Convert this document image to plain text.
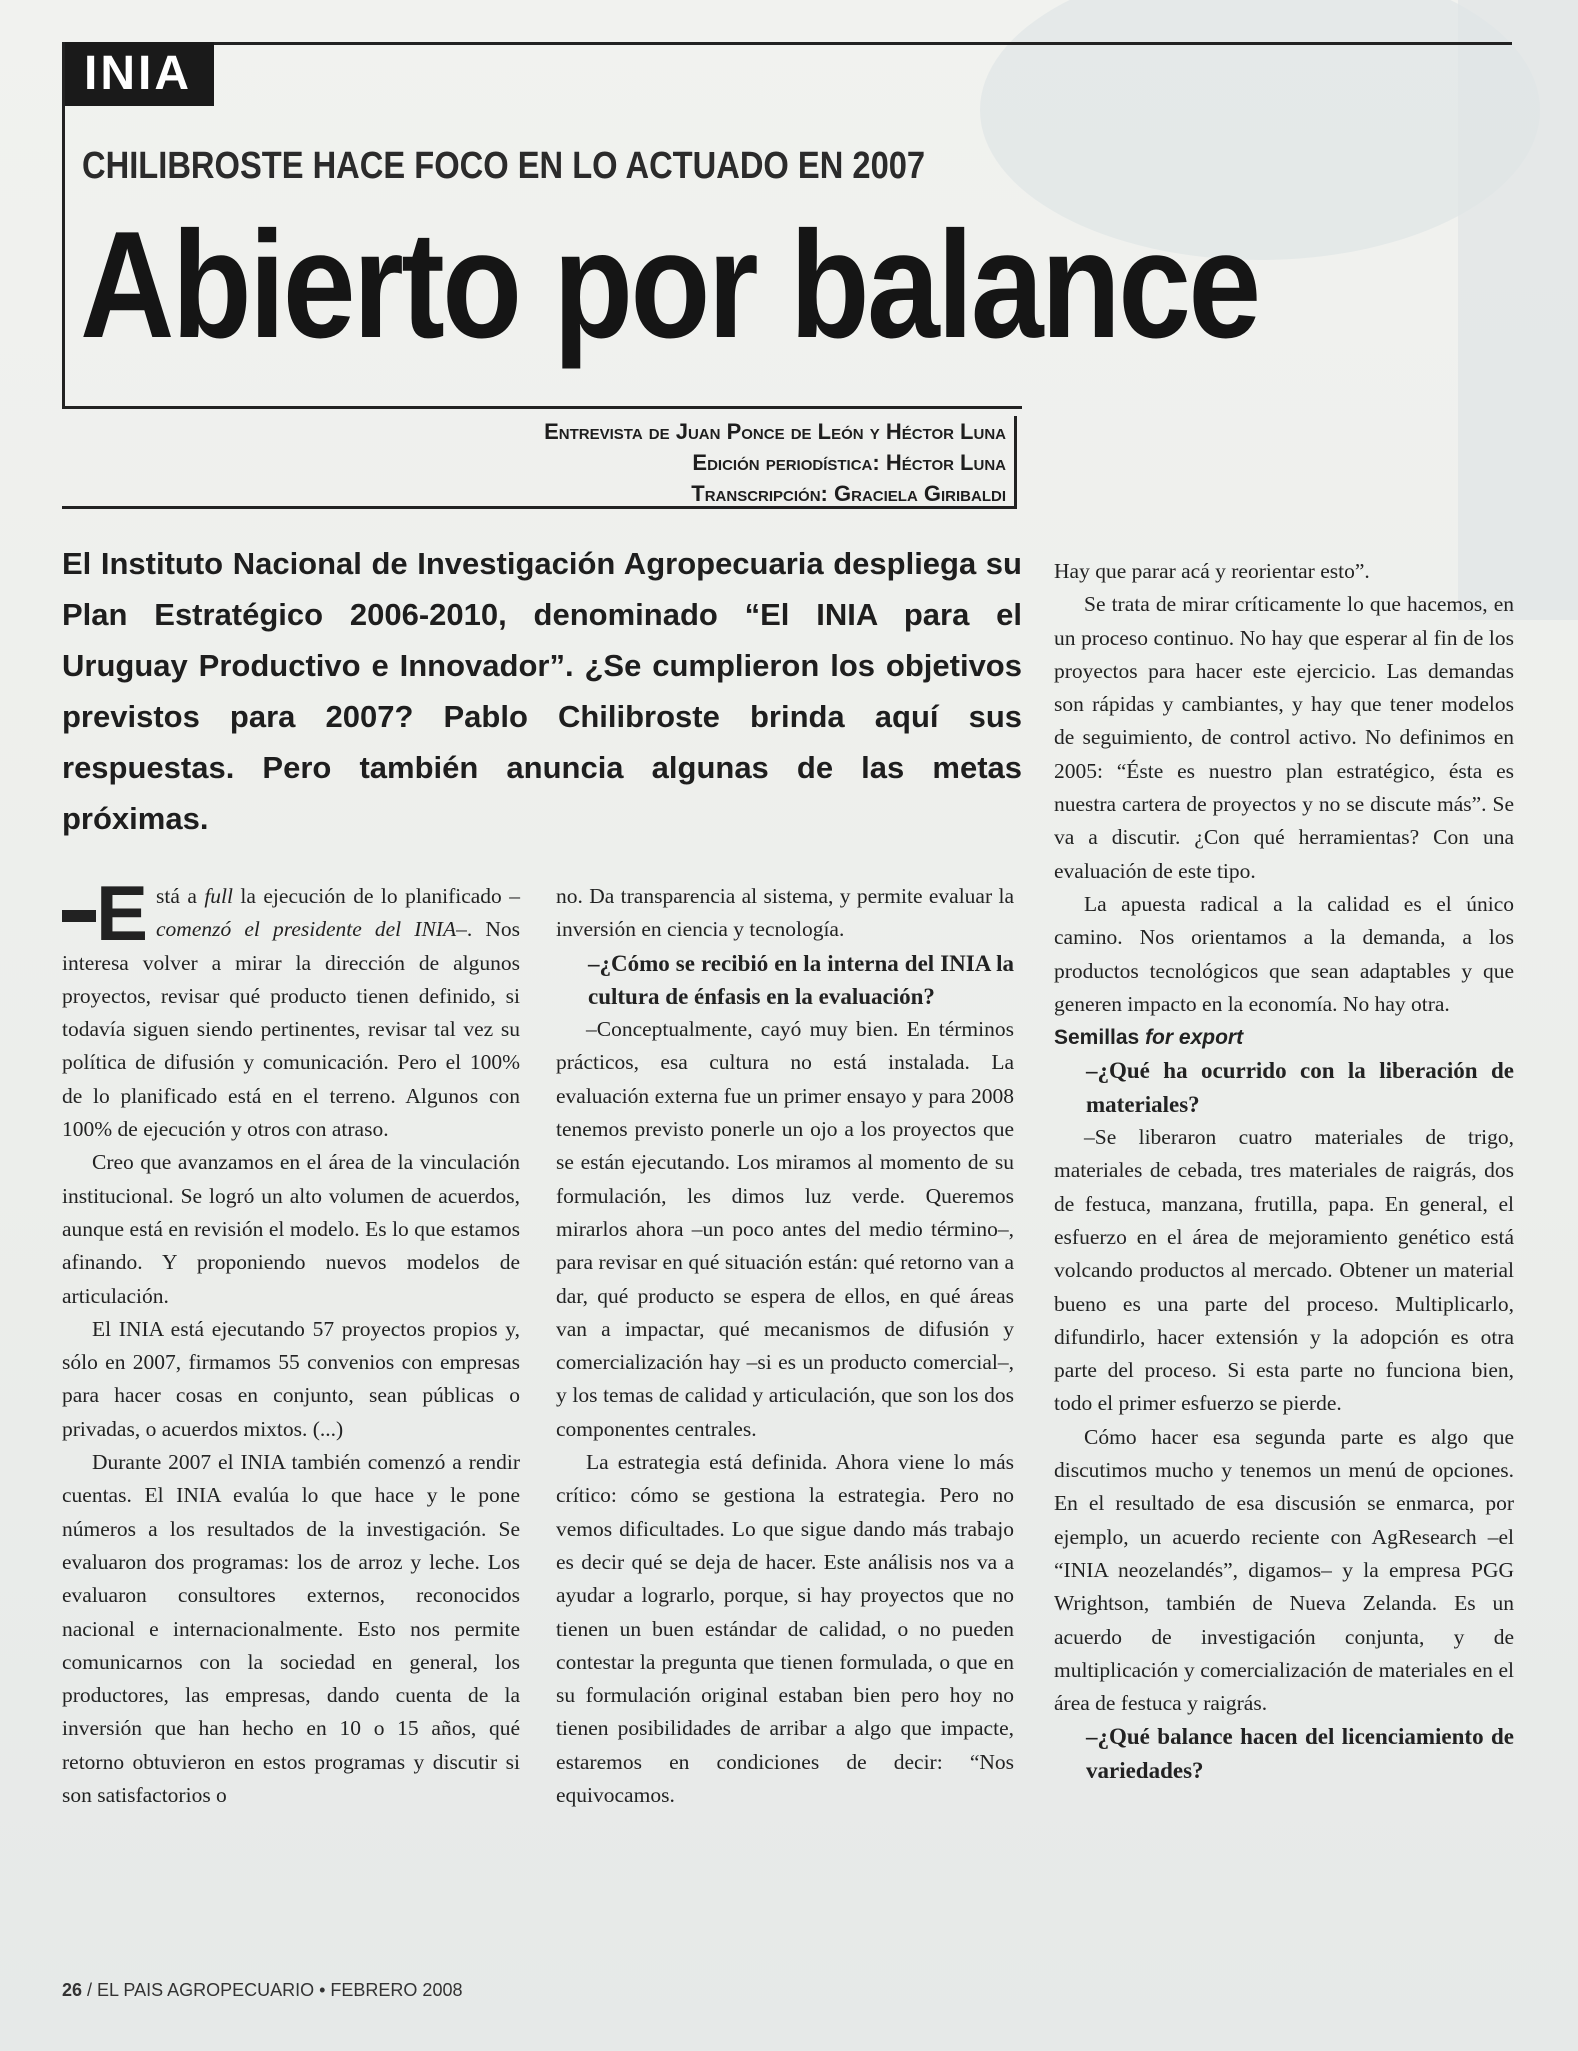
INIA
CHILIBROSTE HACE FOCO EN LO ACTUADO EN 2007
Abierto por balance
Entrevista de Juan Ponce de León y Héctor Luna
Edición periodística: Héctor Luna
Transcripción: Graciela Giribaldi
El Instituto Nacional de Investigación Agropecuaria despliega su Plan Estratégico 2006-2010, denominado “El INIA para el Uruguay Productivo e Innovador”. ¿Se cumplieron los objetivos previstos para 2007? Pablo Chilibroste brinda aquí sus respuestas. Pero también anuncia algunas de las metas próximas.

E stá a full la ejecución de lo planificado –comenzó el presidente del INIA–. Nos interesa volver a mirar la dirección de algunos proyectos, revisar qué producto tienen definido, si todavía siguen siendo pertinentes, revisar tal vez su política de difusión y comunicación. Pero el 100% de lo planificado está en el terreno. Algunos con 100% de ejecución y otros con atraso.

Creo que avanzamos en el área de la vinculación institucional. Se logró un alto volumen de acuerdos, aunque está en revisión el modelo. Es lo que estamos afinando. Y proponiendo nuevos modelos de articulación.

El INIA está ejecutando 57 proyectos propios y, sólo en 2007, firmamos 55 convenios con empresas para hacer cosas en conjunto, sean públicas o privadas, o acuerdos mixtos. (...)

Durante 2007 el INIA también comenzó a rendir cuentas. El INIA evalúa lo que hace y le pone números a los resultados de la investigación. Se evaluaron dos programas: los de arroz y leche. Los evaluaron consultores externos, reconocidos nacional e internacionalmente. Esto nos permite comunicarnos con la sociedad en general, los productores, las empresas, dando cuenta de la inversión que han hecho en 10 o 15 años, qué retorno obtuvieron en estos programas y discutir si son satisfactorios o

no. Da transparencia al sistema, y permite evaluar la inversión en ciencia y tecnología.

–¿Cómo se recibió en la interna del INIA la cultura de énfasis en la evaluación?

–Conceptualmente, cayó muy bien. En términos prácticos, esa cultura no está instalada. La evaluación externa fue un primer ensayo y para 2008 tenemos previsto ponerle un ojo a los proyectos que se están ejecutando. Los miramos al momento de su formulación, les dimos luz verde. Queremos mirarlos ahora –un poco antes del medio término–, para revisar en qué situación están: qué retorno van a dar, qué producto se espera de ellos, en qué áreas van a impactar, qué mecanismos de difusión y comercialización hay –si es un producto comercial–, y los temas de calidad y articulación, que son los dos componentes centrales.

La estrategia está definida. Ahora viene lo más crítico: cómo se gestiona la estrategia. Pero no vemos dificultades. Lo que sigue dando más trabajo es decir qué se deja de hacer. Este análisis nos va a ayudar a lograrlo, porque, si hay proyectos que no tienen un buen estándar de calidad, o no pueden contestar la pregunta que tienen formulada, o que en su formulación original estaban bien pero hoy no tienen posibilidades de arribar a algo que impacte, estaremos en condiciones de decir: “Nos equivocamos.

Hay que parar acá y reorientar esto”.

Se trata de mirar críticamente lo que hacemos, en un proceso continuo. No hay que esperar al fin de los proyectos para hacer este ejercicio. Las demandas son rápidas y cambiantes, y hay que tener modelos de seguimiento, de control activo. No definimos en 2005: “Éste es nuestro plan estratégico, ésta es nuestra cartera de proyectos y no se discute más”. Se va a discutir. ¿Con qué herramientas? Con una evaluación de este tipo.

La apuesta radical a la calidad es el único camino. Nos orientamos a la demanda, a los productos tecnológicos que sean adaptables y que generen impacto en la economía. No hay otra.

Semillas for export

–¿Qué ha ocurrido con la liberación de materiales?

–Se liberaron cuatro materiales de trigo, materiales de cebada, tres materiales de raigrás, dos de festuca, manzana, frutilla, papa. En general, el esfuerzo en el área de mejoramiento genético está volcando productos al mercado. Obtener un material bueno es una parte del proceso. Multiplicarlo, difundirlo, hacer extensión y la adopción es otra parte del proceso. Si esta parte no funciona bien, todo el primer esfuerzo se pierde.

Cómo hacer esa segunda parte es algo que discutimos mucho y tenemos un menú de opciones. En el resultado de esa discusión se enmarca, por ejemplo, un acuerdo reciente con AgResearch –el “INIA neozelandés”, digamos– y la empresa PGG Wrightson, también de Nueva Zelanda. Es un acuerdo de investigación conjunta, y de multiplicación y comercialización de materiales en el área de festuca y raigrás.

–¿Qué balance hacen del licenciamiento de variedades?

26 / EL PAIS AGROPECUARIO • FEBRERO 2008
